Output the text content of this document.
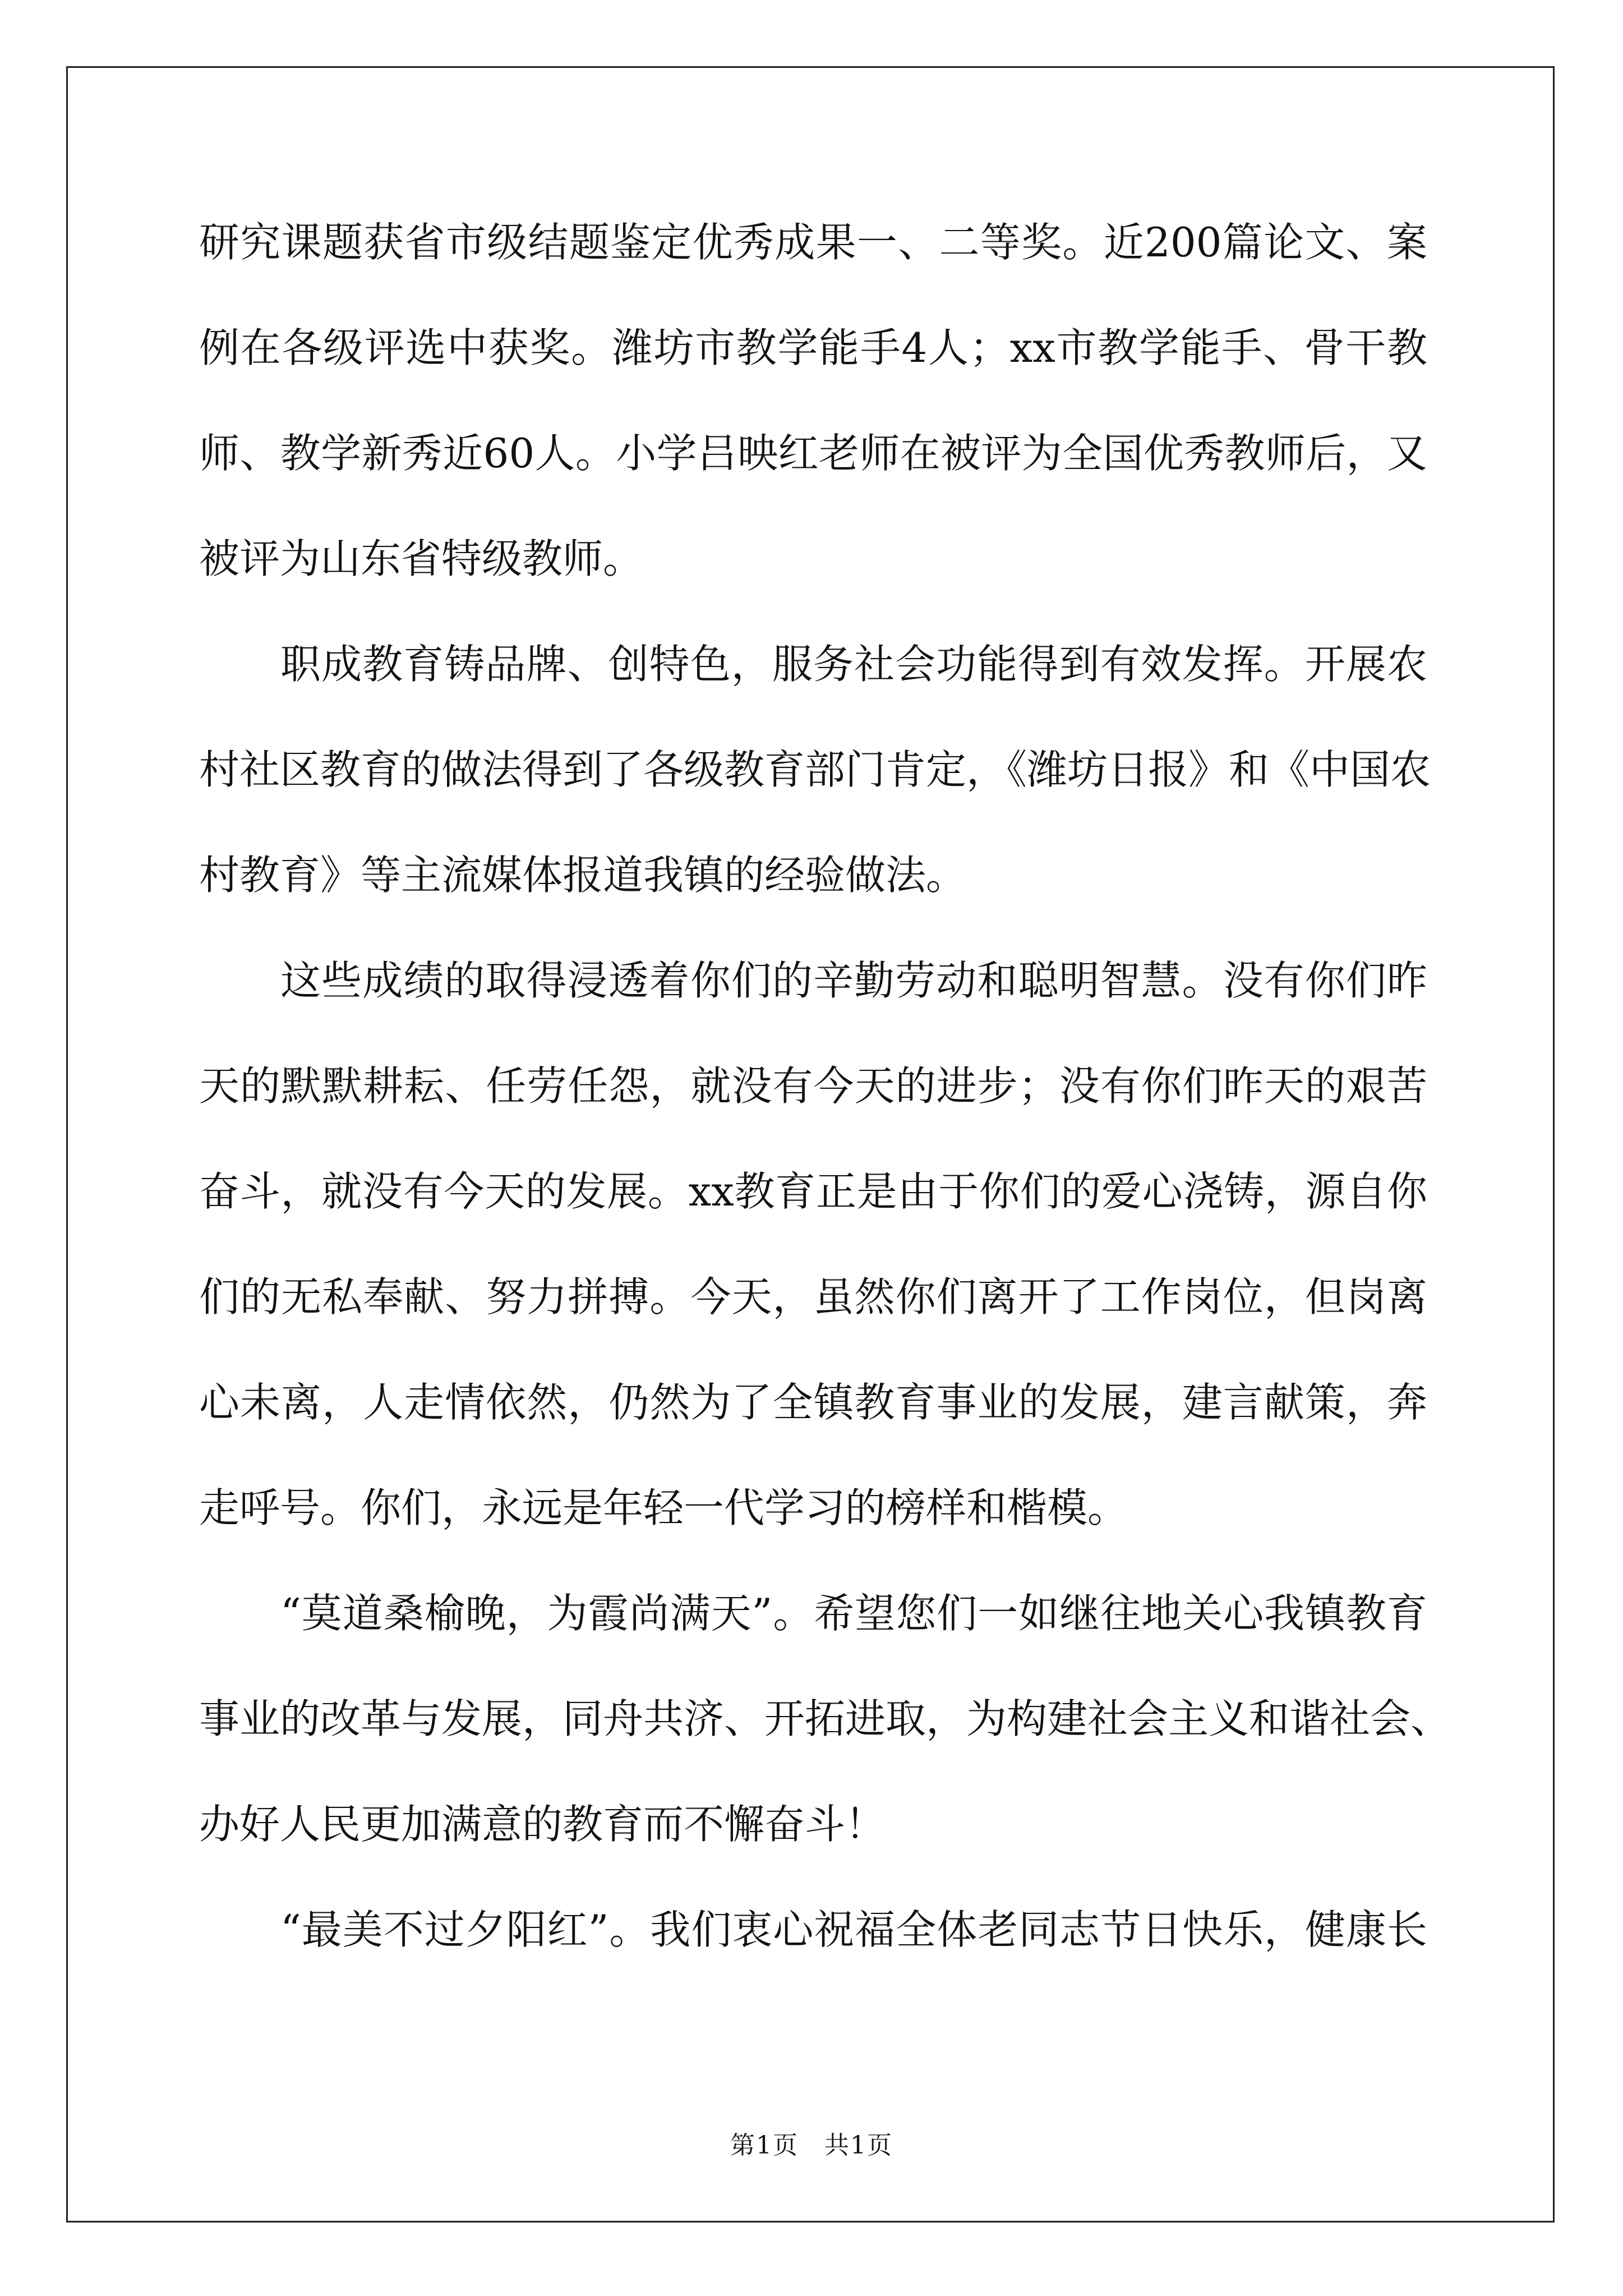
研究课题获省市级结题鉴定优秀成果一、二等奖。近200篇论文、案
例在各级评选中获奖。潍坊市教学能手4人；xx市教学能手、骨干教
师、教学新秀近60人。小学吕映红老师在被评为全国优秀教师后，又
被评为山东省特级教师。
职成教育铸品牌、创特色，服务社会功能得到有效发挥。开展农
村社区教育的做法得到了各级教育部门肯定，《潍坊日报》和《中国农
村教育》等主流媒体报道我镇的经验做法。
这些成绩的取得浸透着你们的辛勤劳动和聪明智慧。没有你们昨
天的默默耕耘、任劳任怨，就没有今天的进步；没有你们昨天的艰苦
奋斗，就没有今天的发展。xx教育正是由于你们的爱心浇铸，源自你
们的无私奉献、努力拼搏。今天，虽然你们离开了工作岗位，但岗离
心未离，人走情依然，仍然为了全镇教育事业的发展，建言献策，奔
走呼号。你们，永远是年轻一代学习的榜样和楷模。
“莫道桑榆晚，为霞尚满天”。希望您们一如继往地关心我镇教育
事业的改革与发展，同舟共济、开拓进取，为构建社会主义和谐社会、
办好人民更加满意的教育而不懈奋斗！
“最美不过夕阳红”。我们衷心祝福全体老同志节日快乐，健康长
第1页　共1页
